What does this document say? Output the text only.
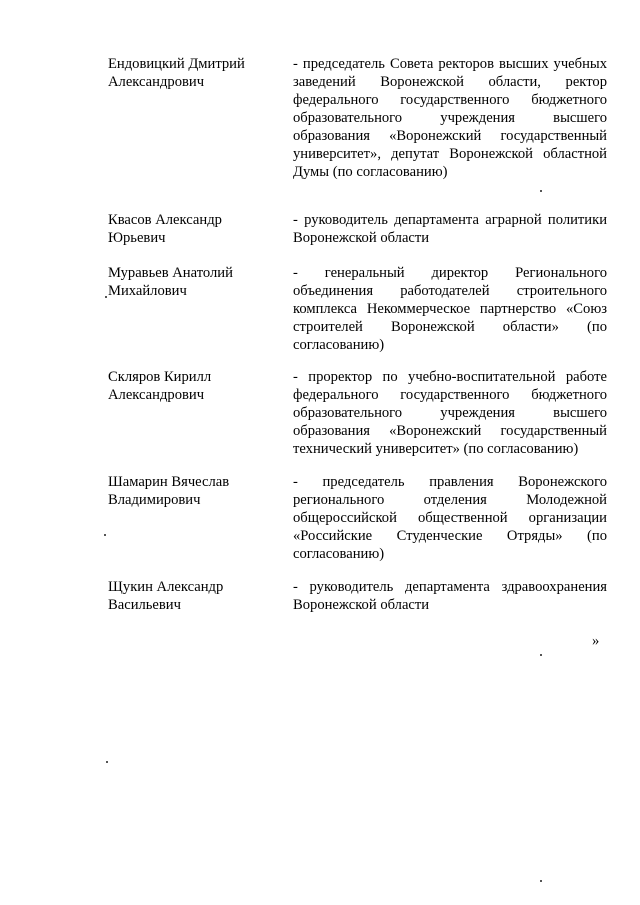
Ендовицкий Дмитрий
Александрович
- председатель Совета ректоров высших учебных заведений Воронежской области, ректор федерального государственного бюджетного образовательного учреждения высшего образования «Воронежский государственный университет», депутат Воронежской областной Думы (по согласованию)
Квасов Александр
Юрьевич
- руководитель департамента аграрной политики Воронежской области
Муравьев Анатолий
Михайлович
- генеральный директор Регионального объединения работодателей строительного комплекса Некоммерческое партнерство «Союз строителей Воронежской области» (по согласованию)
Скляров Кирилл
Александрович
- проректор по учебно-воспитательной работе федерального государственного бюджетного образовательного учреждения высшего образования «Воронежский государственный технический университет» (по согласованию)
Шамарин Вячеслав
Владимирович
- председатель правления Воронежского регионального отделения Молодежной общероссийской общественной организации «Российские Студенческие Отряды» (по согласованию)
Щукин Александр
Васильевич
- руководитель департамента здравоохранения Воронежской области
»
